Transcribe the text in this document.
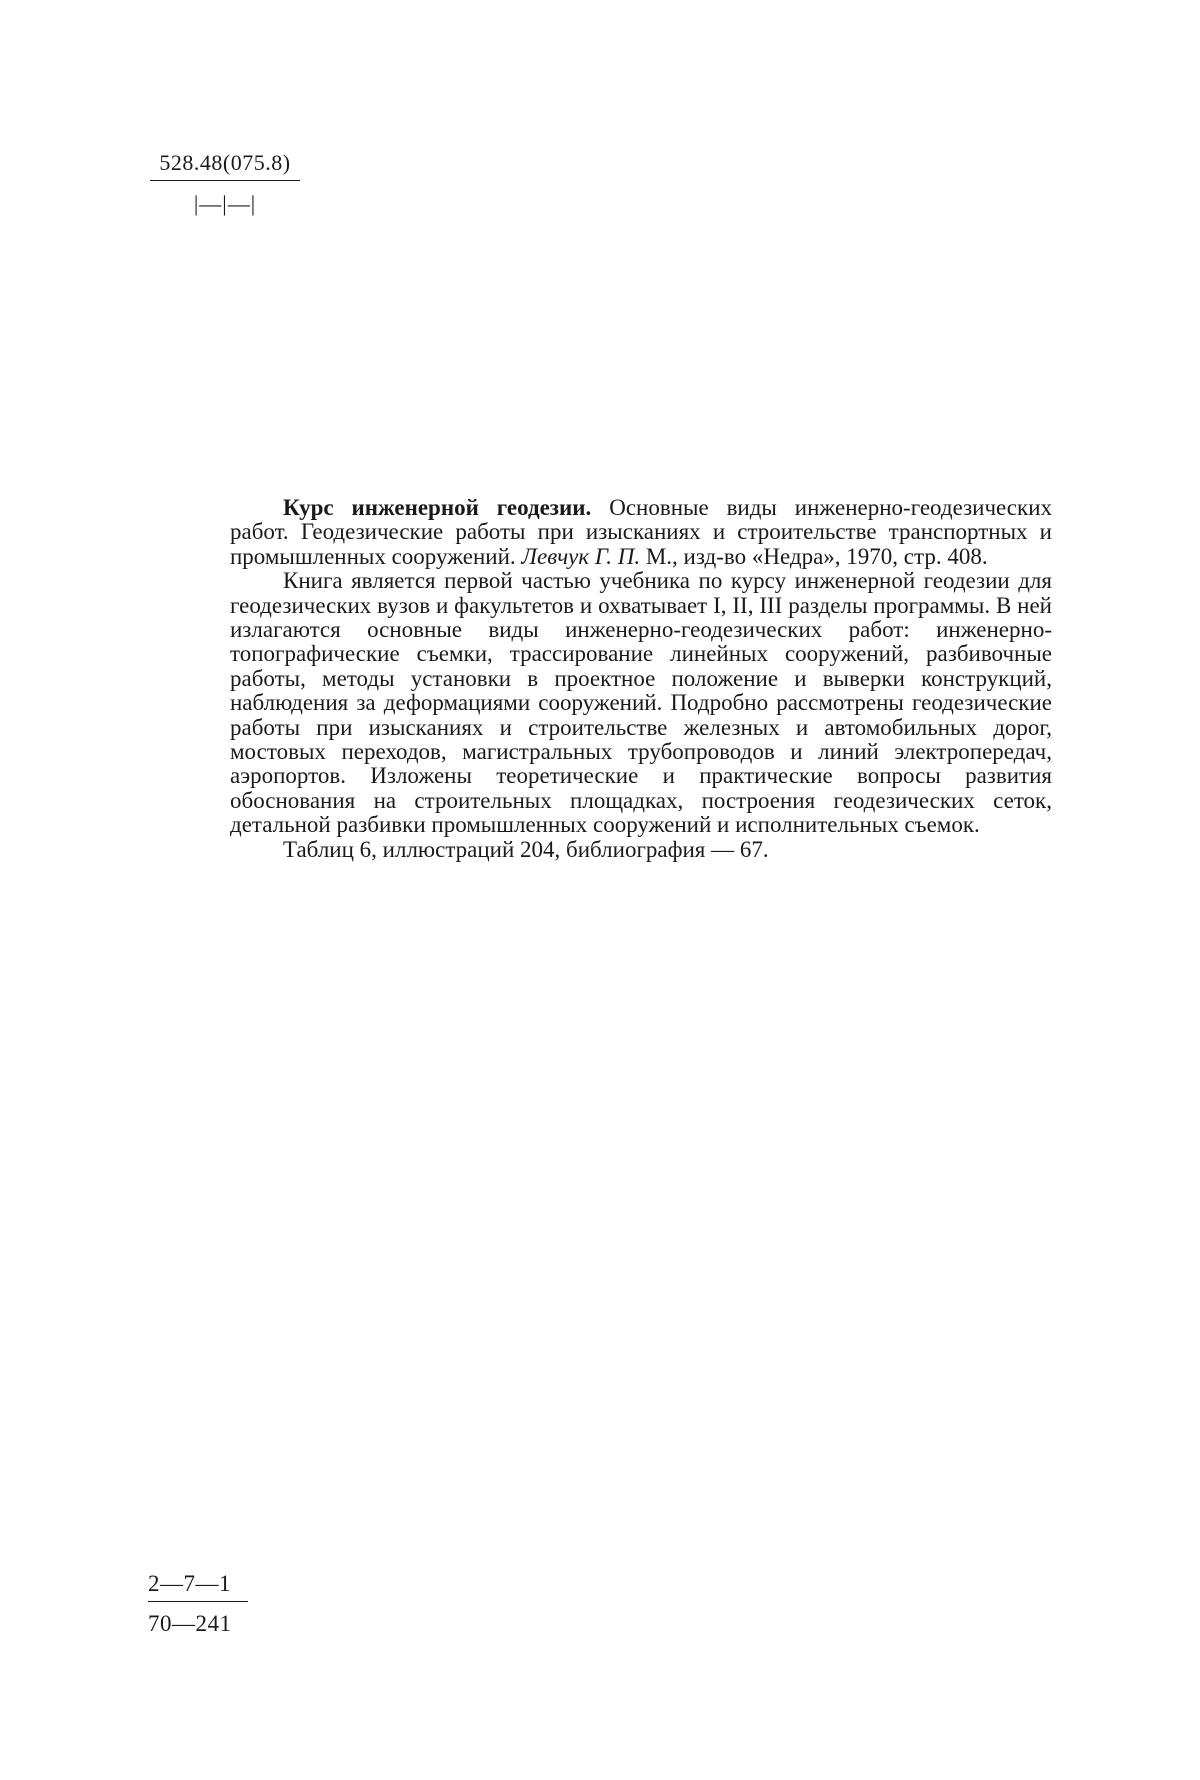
528.48(075.8)
|—|—|

Курс инженерной геодезии. Основные виды инженерно-геодезических работ. Геодезические работы при изысканиях и строительстве транспортных и промышленных сооружений. Левчук Г. П. М., изд-во «Недра», 1970, стр. 408.

Книга является первой частью учебника по курсу инженерной геодезии для геодезических вузов и факультетов и охватывает I, II, III разделы программы. В ней излагаются основные виды инженерно-геодезических работ: инженерно-топографические съемки, трассирование линейных сооружений, разбивочные работы, методы установки в проектное положение и выверки конструкций, наблюдения за деформациями сооружений. Подробно рассмотрены геодезические работы при изысканиях и строительстве железных и автомобильных дорог, мостовых переходов, магистральных трубопроводов и линий электропередач, аэропортов. Изложены теоретические и практические вопросы развития обоснования на строительных площадках, построения геодезических сеток, детальной разбивки промышленных сооружений и исполнительных съемок.

Таблиц 6, иллюстраций 204, библиография — 67.

2—7—1
70—241
